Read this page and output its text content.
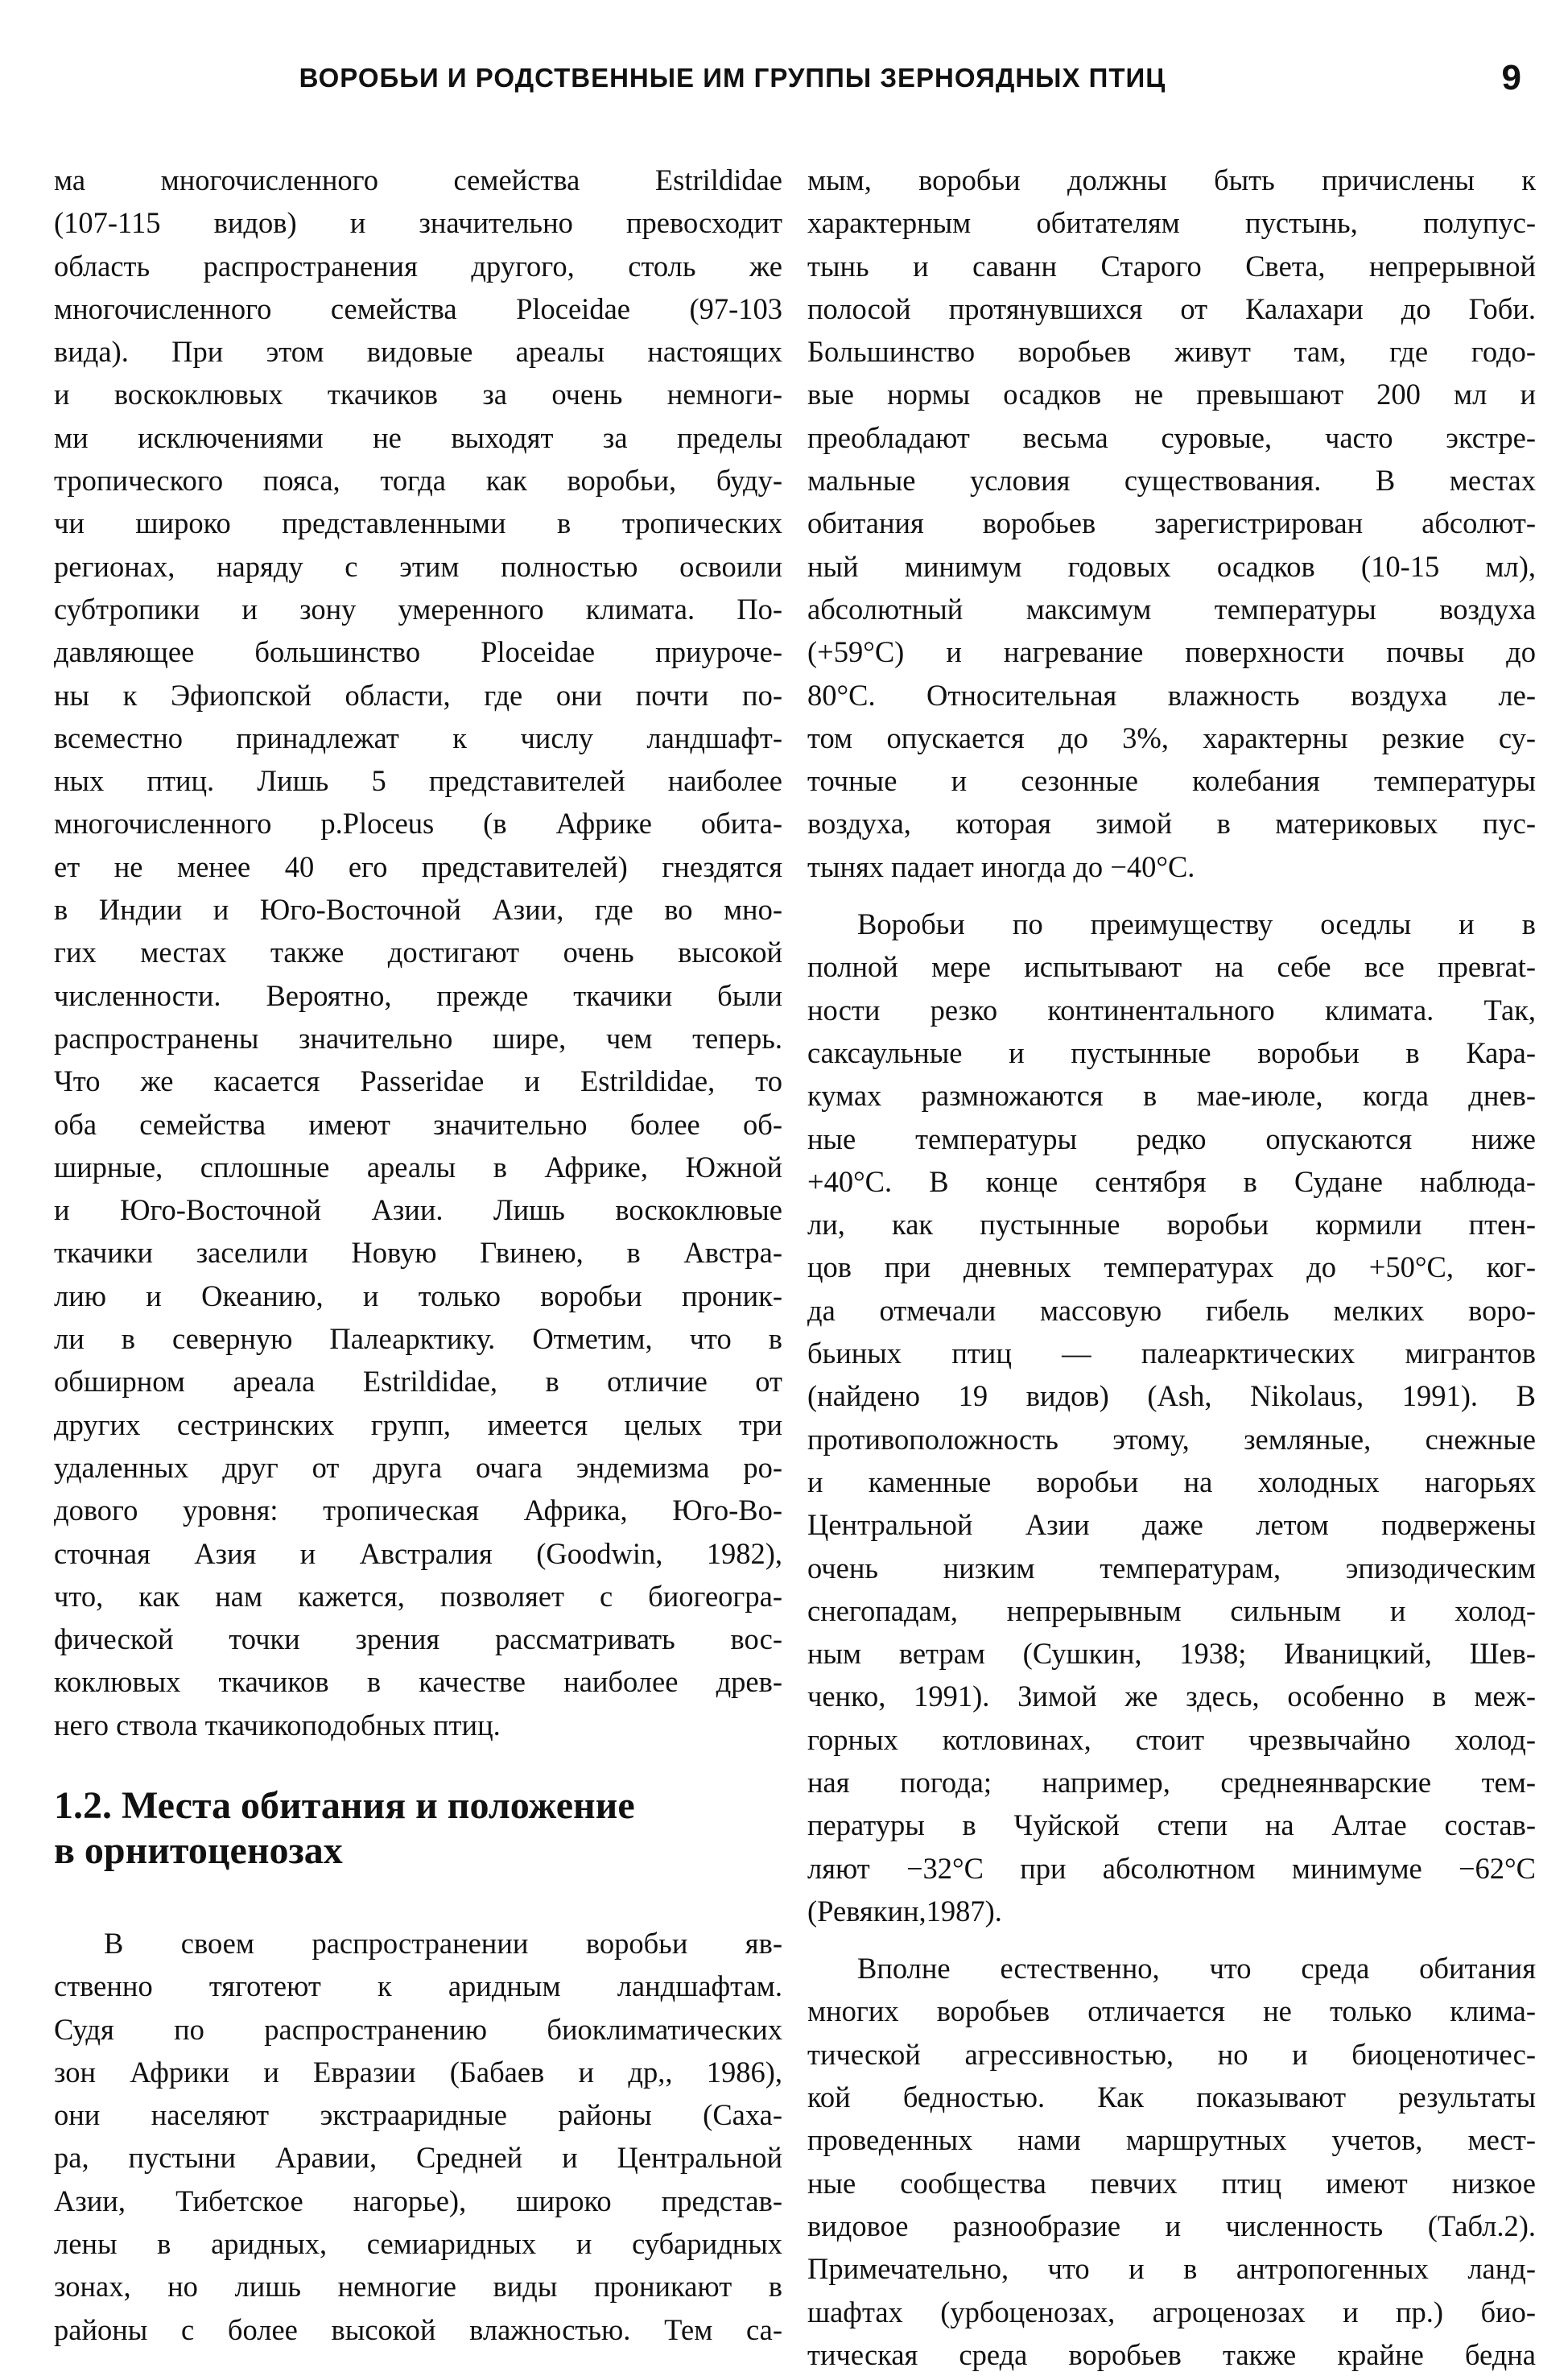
ВОРОБЬИ И РОДСТВЕННЫЕ ИМ ГРУППЫ ЗЕРНОЯДНЫХ ПТИЦ	9
ма многочисленного семейства Estrildidae
(107-115 видов) и значительно превосходит
область распространения другого, столь же
многочисленного семейства Ploceidae (97-103
вида). При этом видовые ареалы настоящих
и воскоклювых ткачиков за очень немноги-
ми исключениями не выходят за пределы
тропического пояса, тогда как воробьи, буду-
чи широко представленными в тропических
регионах, наряду с этим полностью освоили
субтропики и зону умеренного климата. По-
давляющее большинство Ploceidae приуроче-
ны к Эфиопской области, где они почти по-
всеместно принадлежат к числу ландшафт-
ных птиц. Лишь 5 представителей наиболее
многочисленного р.Ploceus (в Африке обита-
ет не менее 40 его представителей) гнездятся
в Индии и Юго-Восточной Азии, где во мно-
гих местах также достигают очень высокой
численности. Вероятно, прежде ткачики были
распространены значительно шире, чем теперь.
Что же касается Passeridae и Estrildidae, то
оба семейства имеют значительно более об-
ширные, сплошные ареалы в Африке, Южной
и Юго-Восточной Азии. Лишь воскоклювые
ткачики заселили Новую Гвинею, в Австра-
лию и Океанию, и только воробьи проник-
ли в северную Палеарктику. Отметим, что в
обширном ареала Estrildidae, в отличие от
других сестринских групп, имеется целых три
удаленных друг от друга очага эндемизма ро-
дового уровня: тропическая Африка, Юго-Во-
сточная Азия и Австралия (Goodwin, 1982),
что, как нам кажется, позволяет с биогеогра-
фической точки зрения рассматривать вос-
коклювых ткачиков в качестве наиболее древ-
него ствола ткачикоподобных птиц.
1.2. Места обитания и положение
в орнитоценозах
В своем распространении воробьи яв-
ственно тяготеют к аридным ландшафтам.
Судя по распространению биоклиматических
зон Африки и Евразии (Бабаев и др,, 1986),
они населяют экстрааридные районы (Саха-
ра, пустыни Аравии, Средней и Центральной
Азии, Тибетское нагорье), широко представ-
лены в аридных, семиаридных и субаридных
зонах, но лишь немногие виды проникают в
районы с более высокой влажностью. Тем са-
мым, воробьи должны быть причислены к
характерным обитателям пустынь, полупус-
тынь и саванн Старого Света, непрерывной
полосой протянувшихся от Калахари до Гоби.
Большинство воробьев живут там, где годо-
вые нормы осадков не превышают 200 мл и
преобладают весьма суровые, часто экстре-
мальные условия существования. В местах
обитания воробьев зарегистрирован абсолют-
ный минимум годовых осадков (10-15 мл),
абсолютный максимум температуры воздуха
(+59°С) и нагревание поверхности почвы до
80°С. Относительная влажность воздуха ле-
том опускается до 3%, характерны резкие су-
точные и сезонные колебания температуры
воздуха, которая зимой в материковых пус-
тынях падает иногда до −40°С.
Воробьи по преимуществу оседлы и в
полной мере испытывают на себе все превrat-
ности резко континентального климата. Так,
саксаульные и пустынные воробьи в Кара-
кумах размножаются в мае-июле, когда днев-
ные температуры редко опускаются ниже
+40°С. В конце сентября в Судане наблюда-
ли, как пустынные воробьи кормили птен-
цов при дневных температурах до +50°С, ког-
да отмечали массовую гибель мелких воро-
бьиных птиц — палеарктических мигрантов
(найдено 19 видов) (Ash, Nikolaus, 1991). В
противоположность этому, земляные, снежные
и каменные воробьи на холодных нагорьях
Центральной Азии даже летом подвержены
очень низким температурам, эпизодическим
снегопадам, непрерывным сильным и холод-
ным ветрам (Сушкин, 1938; Иваницкий, Шев-
ченко, 1991). Зимой же здесь, особенно в меж-
горных котловинах, стоит чрезвычайно холод-
ная погода; например, среднеянварские тем-
пературы в Чуйской степи на Алтае состав-
ляют −32°С при абсолютном минимуме −62°С
(Ревякин,1987).
Вполне естественно, что среда обитания
многих воробьев отличается не только клима-
тической агрессивностью, но и биоценотичес-
кой бедностью. Как показывают результаты
проведенных нами маршрутных учетов, мест-
ные сообщества певчих птиц имеют низкое
видовое разнообразие и численность (Табл.2).
Примечательно, что и в антропогенных ланд-
шафтах (урбоценозах, агроценозах и пр.) био-
тическая среда воробьев также крайне бедна
